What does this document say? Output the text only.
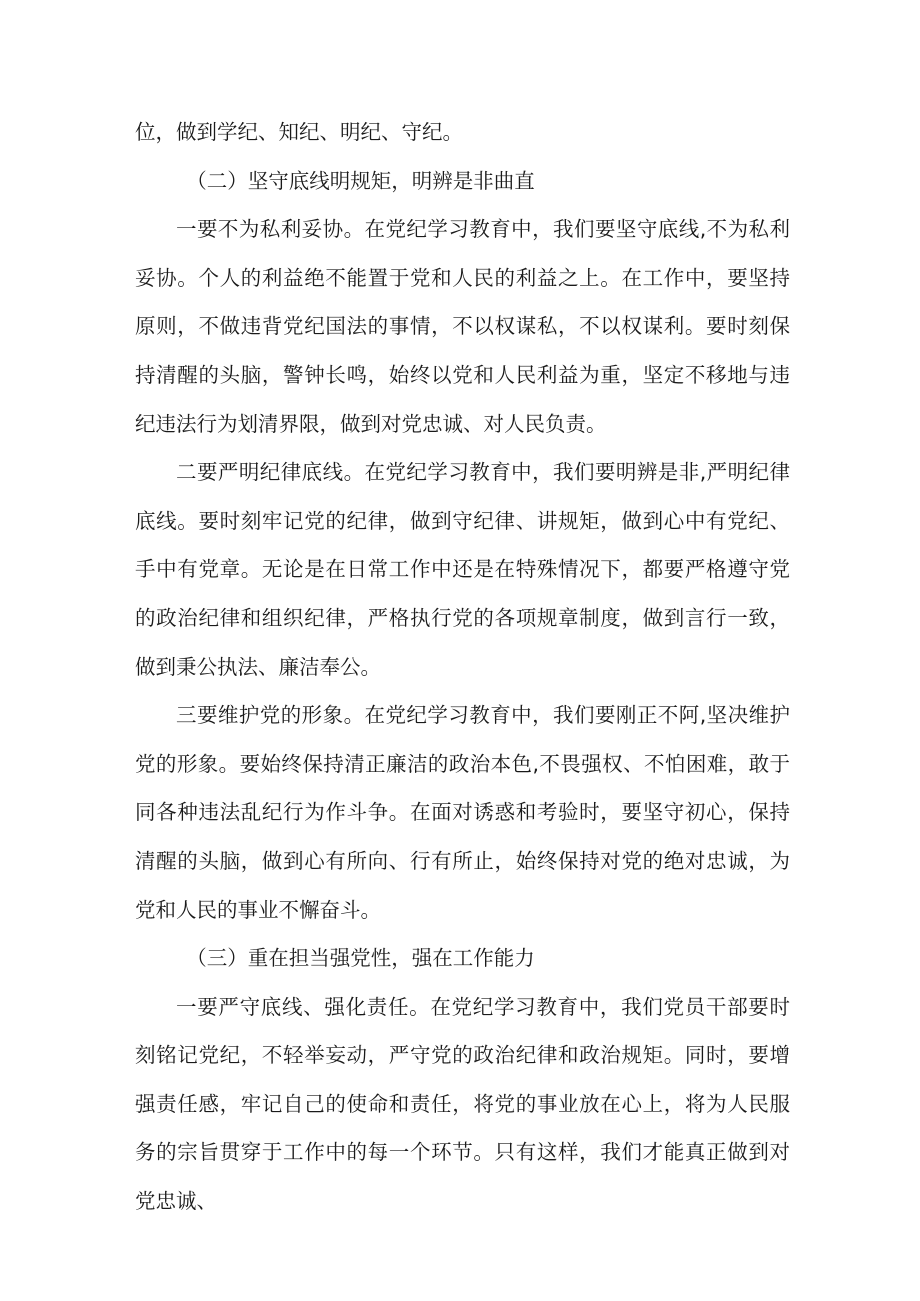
位，做到学纪、知纪、明纪、守纪。

（二）坚守底线明规矩，明辨是非曲直

一要不为私利妥协。在党纪学习教育中，我们要坚守底线,不为私利妥协。个人的利益绝不能置于党和人民的利益之上。在工作中，要坚持原则，不做违背党纪国法的事情，不以权谋私，不以权谋利。要时刻保持清醒的头脑，警钟长鸣，始终以党和人民利益为重，坚定不移地与违纪违法行为划清界限，做到对党忠诚、对人民负责。

二要严明纪律底线。在党纪学习教育中，我们要明辨是非,严明纪律底线。要时刻牢记党的纪律，做到守纪律、讲规矩，做到心中有党纪、手中有党章。无论是在日常工作中还是在特殊情况下，都要严格遵守党的政治纪律和组织纪律，严格执行党的各项规章制度，做到言行一致，做到秉公执法、廉洁奉公。

三要维护党的形象。在党纪学习教育中，我们要刚正不阿,坚决维护党的形象。要始终保持清正廉洁的政治本色,不畏强权、不怕困难，敢于同各种违法乱纪行为作斗争。在面对诱惑和考验时，要坚守初心，保持清醒的头脑，做到心有所向、行有所止，始终保持对党的绝对忠诚，为党和人民的事业不懈奋斗。

（三）重在担当强党性，强在工作能力

一要严守底线、强化责任。在党纪学习教育中，我们党员干部要时刻铭记党纪，不轻举妄动，严守党的政治纪律和政治规矩。同时，要增强责任感，牢记自己的使命和责任，将党的事业放在心上，将为人民服务的宗旨贯穿于工作中的每一个环节。只有这样，我们才能真正做到对党忠诚、
